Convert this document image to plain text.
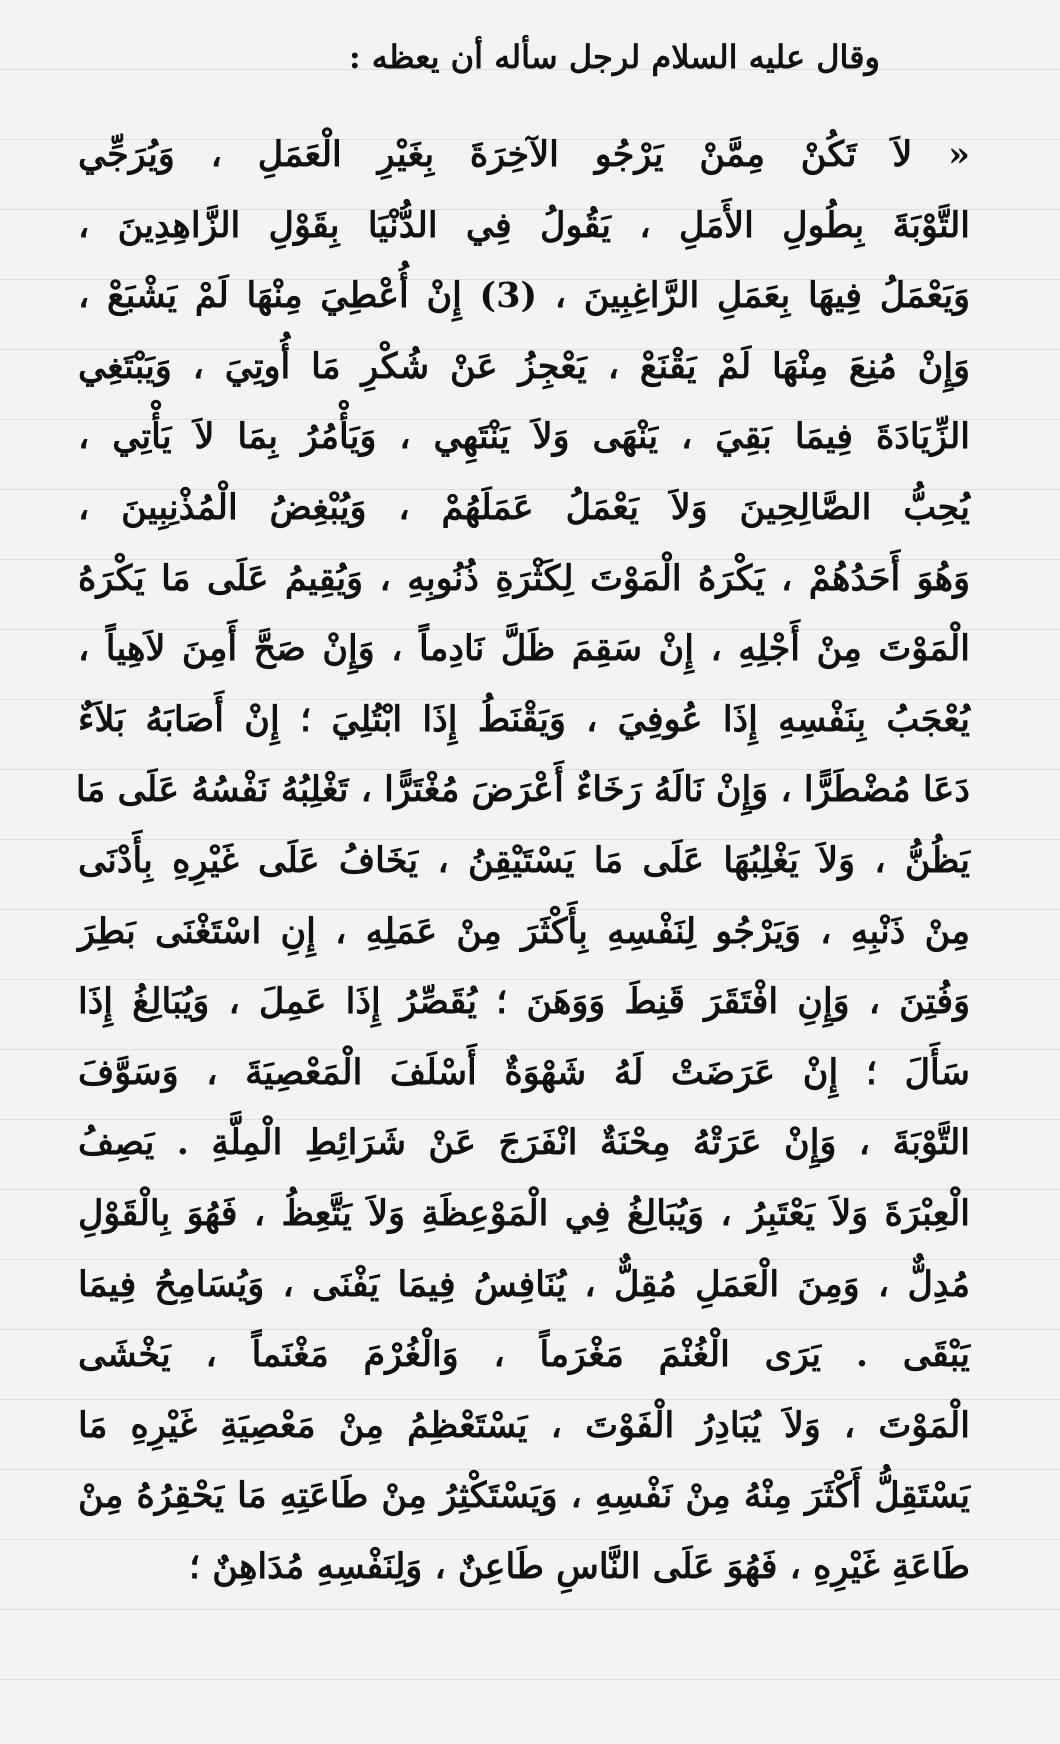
وقال عليه السلام لرجل سأله أن يعظه :
« لاَ تَكُنْ مِمَّنْ يَرْجُو الآخِرَةَ بِغَيْرِ الْعَمَلِ ، وَيُرَجِّي
التَّوْبَةَ بِطُولِ الأَمَلِ ، يَقُولُ فِي الدُّنْيَا بِقَوْلِ الزَّاهِدِينَ ،
وَيَعْمَلُ فِيهَا بِعَمَلِ الرَّاغِبِينَ ، (3) إِنْ أُعْطِيَ مِنْهَا لَمْ يَشْبَعْ ،
وَإِنْ مُنِعَ مِنْهَا لَمْ يَقْنَعْ ، يَعْجِزُ عَنْ شُكْرِ مَا أُوتِيَ ، وَيَبْتَغِي
الزِّيَادَةَ فِيمَا بَقِيَ ، يَنْهَى وَلاَ يَنْتَهِي ، وَيَأْمُرُ بِمَا لاَ يَأْتِي ،
يُحِبُّ الصَّالِحِينَ وَلاَ يَعْمَلُ عَمَلَهُمْ ، وَيُبْغِضُ الْمُذْنِبِينَ ،
وَهُوَ أَحَدُهُمْ ، يَكْرَهُ الْمَوْتَ لِكَثْرَةِ ذُنُوبِهِ ، وَيُقِيمُ عَلَى مَا يَكْرَهُ
الْمَوْتَ مِنْ أَجْلِهِ ، إِنْ سَقِمَ ظَلَّ نَادِماً ، وَإِنْ صَحَّ أَمِنَ لاَهِياً ،
يُعْجَبُ بِنَفْسِهِ إِذَا عُوفِيَ ، وَيَقْنَطُ إِذَا ابْتُلِيَ ؛ إِنْ أَصَابَهُ بَلاَءٌ
دَعَا مُضْطَرًّا ، وَإِنْ نَالَهُ رَخَاءٌ أَعْرَضَ مُغْتَرًّا ، تَغْلِبُهُ نَفْسُهُ عَلَى مَا
يَظُنُّ ، وَلاَ يَغْلِبُهَا عَلَى مَا يَسْتَيْقِنُ ، يَخَافُ عَلَى غَيْرِهِ بِأَدْنَى
مِنْ ذَنْبِهِ ، وَيَرْجُو لِنَفْسِهِ بِأَكْثَرَ مِنْ عَمَلِهِ ، إِنِ اسْتَغْنَى بَطِرَ
وَفُتِنَ ، وَإِنِ افْتَقَرَ قَنِطَ وَوَهَنَ ؛ يُقَصِّرُ إِذَا عَمِلَ ، وَيُبَالِغُ إِذَا
سَأَلَ ؛ إِنْ عَرَضَتْ لَهُ شَهْوَةٌ أَسْلَفَ الْمَعْصِيَةَ ، وَسَوَّفَ
التَّوْبَةَ ، وَإِنْ عَرَتْهُ مِحْنَةٌ انْفَرَجَ عَنْ شَرَائِطِ الْمِلَّةِ . يَصِفُ
الْعِبْرَةَ وَلاَ يَعْتَبِرُ ، وَيُبَالِغُ فِي الْمَوْعِظَةِ وَلاَ يَتَّعِظُ ، فَهُوَ بِالْقَوْلِ
مُدِلٌّ ، وَمِنَ الْعَمَلِ مُقِلٌّ ، يُنَافِسُ فِيمَا يَفْنَى ، وَيُسَامِحُ فِيمَا
يَبْقَى . يَرَى الْغُنْمَ مَغْرَماً ، وَالْغُرْمَ مَغْنَماً ، يَخْشَى
الْمَوْتَ ، وَلاَ يُبَادِرُ الْفَوْتَ ، يَسْتَعْظِمُ مِنْ مَعْصِيَةِ غَيْرِهِ مَا
يَسْتَقِلُّ أَكْثَرَ مِنْهُ مِنْ نَفْسِهِ ، وَيَسْتَكْثِرُ مِنْ طَاعَتِهِ مَا يَحْقِرُهُ مِنْ
طَاعَةِ غَيْرِهِ ، فَهُوَ عَلَى النَّاسِ طَاعِنٌ ، وَلِنَفْسِهِ مُدَاهِنٌ ؛
